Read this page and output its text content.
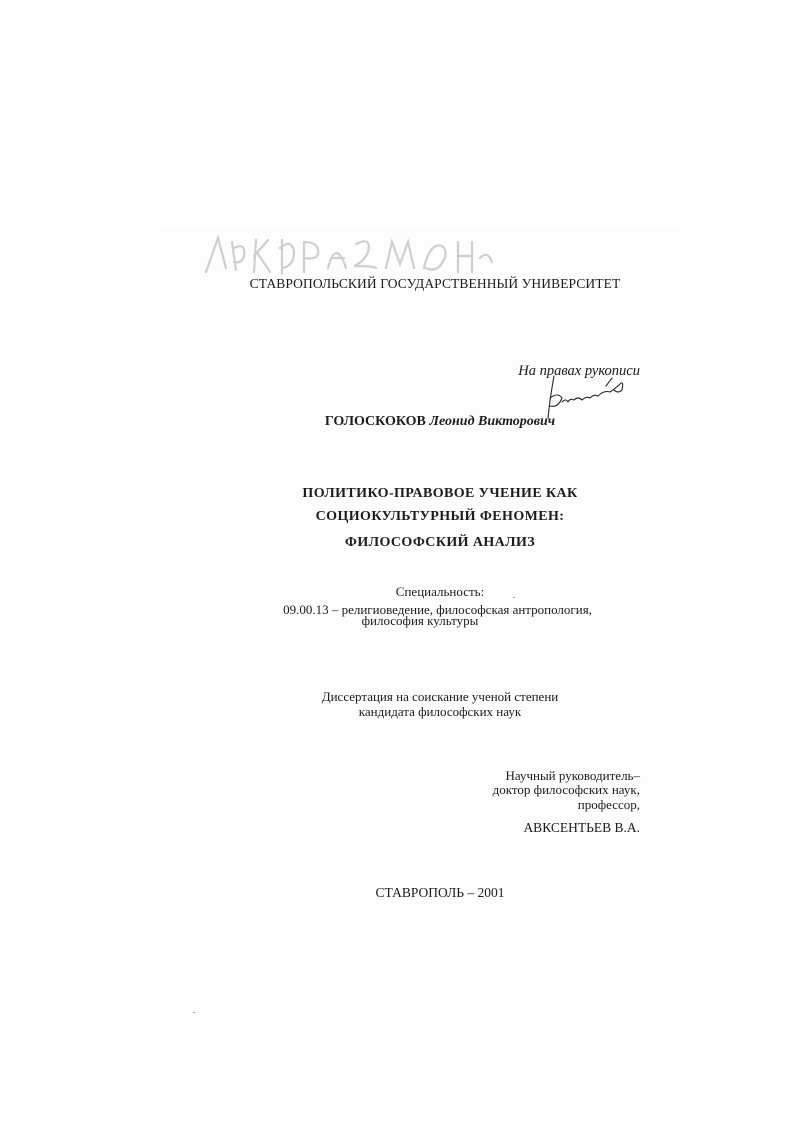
СТАВРОПОЛЬСКИЙ ГОСУДАРСТВЕННЫЙ УНИВЕРСИТЕТ
На правах рукописи
ГОЛОСКОКОВ Леонид Викторович
ПОЛИТИКО-ПРАВОВОЕ УЧЕНИЕ КАК
СОЦИОКУЛЬТУРНЫЙ ФЕНОМЕН:
ФИЛОСОФСКИЙ АНАЛИЗ
Специальность:
09.00.13 – религиоведение, философская антропология,
философия культуры
Диссертация на соискание ученой степени
кандидата философских наук
Научный руководитель–
доктор философских наук,
профессор,
АВКСЕНТЬЕВ В.А.
СТАВРОПОЛЬ – 2001
